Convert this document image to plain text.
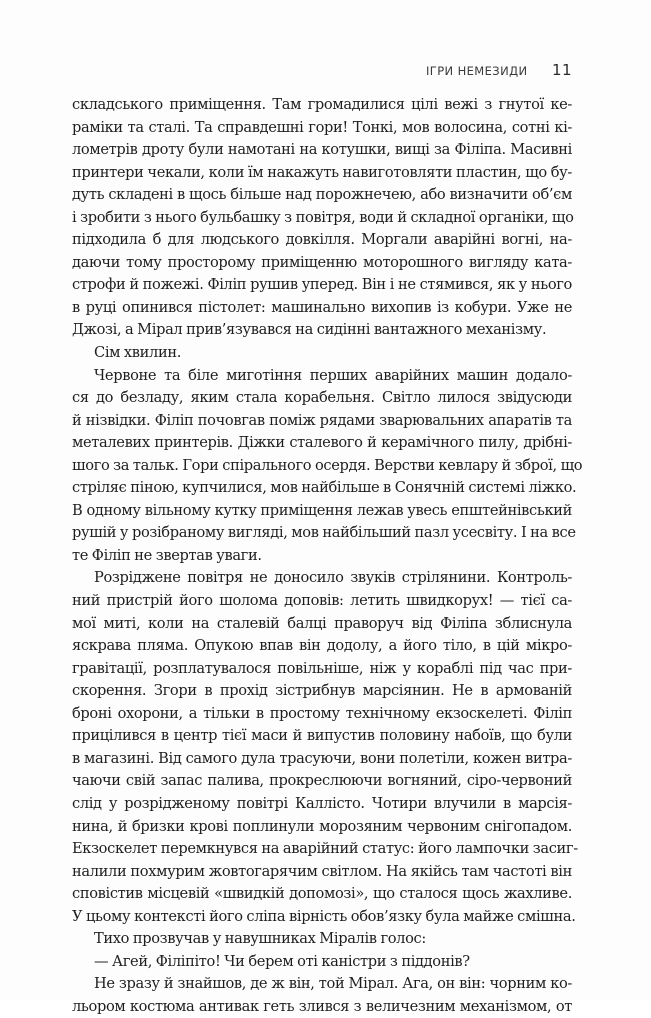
ІГРИ НЕМЕЗИДИ 11
складського приміщення. Там громадилися цілі вежі з гнутої ке-
раміки та сталі. Та справдешні гори! Тонкі, мов волосина, сотні кі-
лометрів дроту були намотані на котушки, вищі за Філіпа. Масивні
принтери чекали, коли їм накажуть навиготовляти пластин, що бу-
дуть складені в щось більше над порожнечею, або визначити об’єм
і зробити з нього бульбашку з повітря, води й складної органіки, що
підходила б для людського довкілля. Моргали аварійні вогні, на-
даючи тому просторому приміщенню моторошного вигляду ката-
строфи й пожежі. Філіп рушив уперед. Він і не стямився, як у нього
в руці опинився пістолет: машинально вихопив із кобури. Уже не
Джозі, а Мірал прив’язувався на сидінні вантажного механізму.
Сім хвилин.
Червоне та біле миготіння перших аварійних машин додало-
ся до безладу, яким стала корабельня. Світло лилося звідусюди
й нізвідки. Філіп почовгав поміж рядами зварювальних апаратів та
металевих принтерів. Діжки сталевого й керамічного пилу, дрібні-
шого за тальк. Гори спірального осердя. Верстви кевлару й зброї, що
стріляє піною, купчилися, мов найбільше в Сонячній системі ліжко.
В одному вільному кутку приміщення лежав увесь епштейнівський
рушій у розібраному вигляді, мов найбільший пазл усесвіту. І на все
те Філіп не звертав уваги.
Розріджене повітря не доносило звуків стрілянини. Контроль-
ний пристрій його шолома доповів: летить швидкорух! — тієї са-
мої миті, коли на сталевій балці праворуч від Філіпа зблиснула
яскрава пляма. Опукою впав він додолу, а його тіло, в цій мікро-
гравітації, розплатувалося повільніше, ніж у кораблі під час при-
скорення. Згори в прохід зістрибнув марсіянин. Не в армованій
броні охорони, а тільки в простому технічному екзоскелеті. Філіп
прицілився в центр тієї маси й випустив половину набоїв, що були
в магазині. Від самого дула трасуючи, вони полетіли, кожен витра-
чаючи свій запас палива, прокреслюючи вогняний, сіро-червоний
слід у розрідженому повітрі Каллісто. Чотири влучили в марсія-
нина, й бризки крові поплинули морозяним червоним снігопадом.
Екзоскелет перемкнувся на аварійний статус: його лампочки засиг-
налили похмурим жовтогарячим світлом. На якійсь там частоті він
сповістив місцевій «швидкій допомозі», що сталося щось жахливе.
У цьому контексті його сліпа вірність обов’язку була майже смішна.
Тихо прозвучав у навушниках Міралів голос:
— Агей, Філіпіто! Чи берем оті каністри з піддонів?
Не зразу й знайшов, де ж він, той Мірал. Ага, он він: чорним ко-
льором костюма антивак геть злився з величезним механізмом, от
